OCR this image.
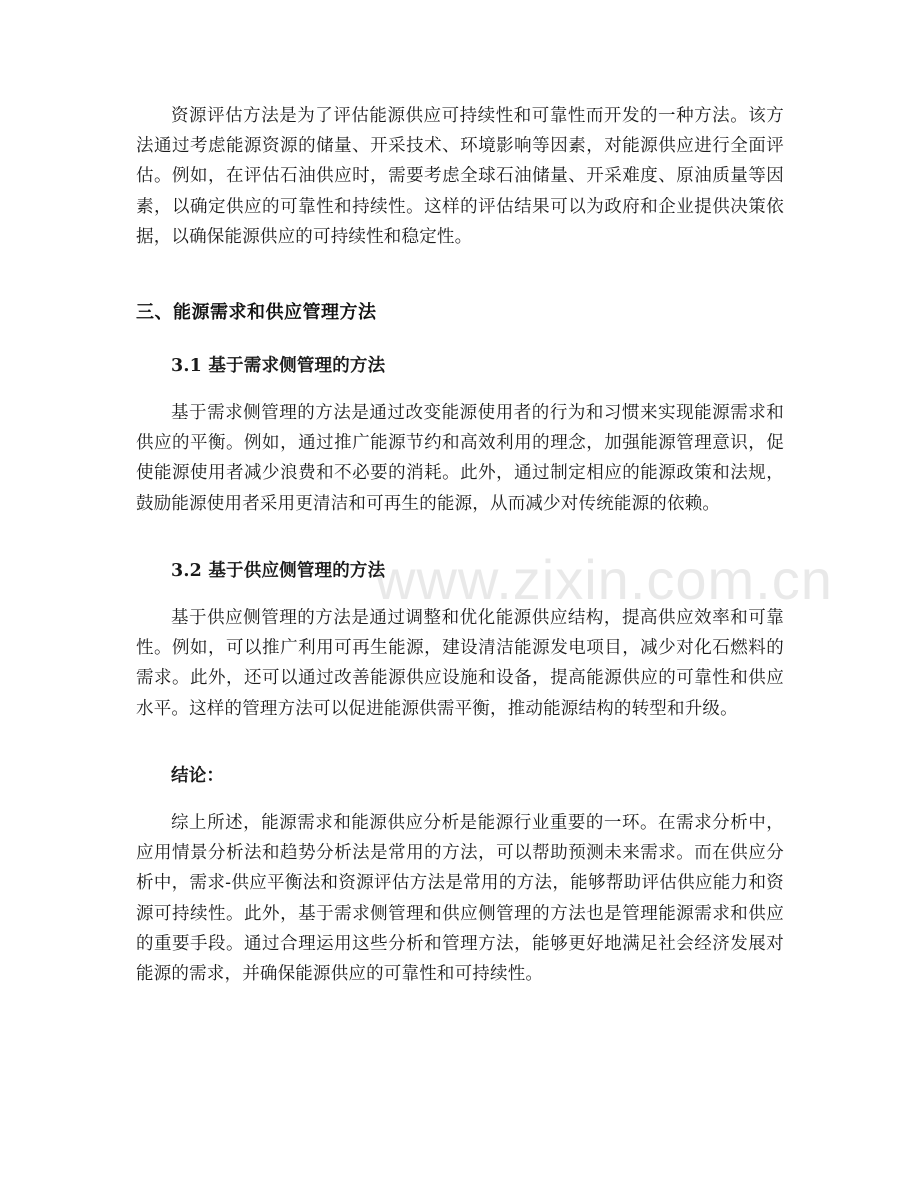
资源评估方法是为了评估能源供应可持续性和可靠性而开发的一种方法。该方法通过考虑能源资源的储量、开采技术、环境影响等因素，对能源供应进行全面评估。例如，在评估石油供应时，需要考虑全球石油储量、开采难度、原油质量等因素，以确定供应的可靠性和持续性。这样的评估结果可以为政府和企业提供决策依据，以确保能源供应的可持续性和稳定性。

三、能源需求和供应管理方法
3.1 基于需求侧管理的方法

基于需求侧管理的方法是通过改变能源使用者的行为和习惯来实现能源需求和供应的平衡。例如，通过推广能源节约和高效利用的理念，加强能源管理意识，促使能源使用者减少浪费和不必要的消耗。此外，通过制定相应的能源政策和法规，鼓励能源使用者采用更清洁和可再生的能源，从而减少对传统能源的依赖。

3.2 基于供应侧管理的方法

基于供应侧管理的方法是通过调整和优化能源供应结构，提高供应效率和可靠性。例如，可以推广利用可再生能源，建设清洁能源发电项目，减少对化石燃料的需求。此外，还可以通过改善能源供应设施和设备，提高能源供应的可靠性和供应水平。这样的管理方法可以促进能源供需平衡，推动能源结构的转型和升级。

结论：

综上所述，能源需求和能源供应分析是能源行业重要的一环。在需求分析中，应用情景分析法和趋势分析法是常用的方法，可以帮助预测未来需求。而在供应分析中，需求-供应平衡法和资源评估方法是常用的方法，能够帮助评估供应能力和资源可持续性。此外，基于需求侧管理和供应侧管理的方法也是管理能源需求和供应的重要手段。通过合理运用这些分析和管理方法，能够更好地满足社会经济发展对能源的需求，并确保能源供应的可靠性和可持续性。

www.zixin.com.cn
